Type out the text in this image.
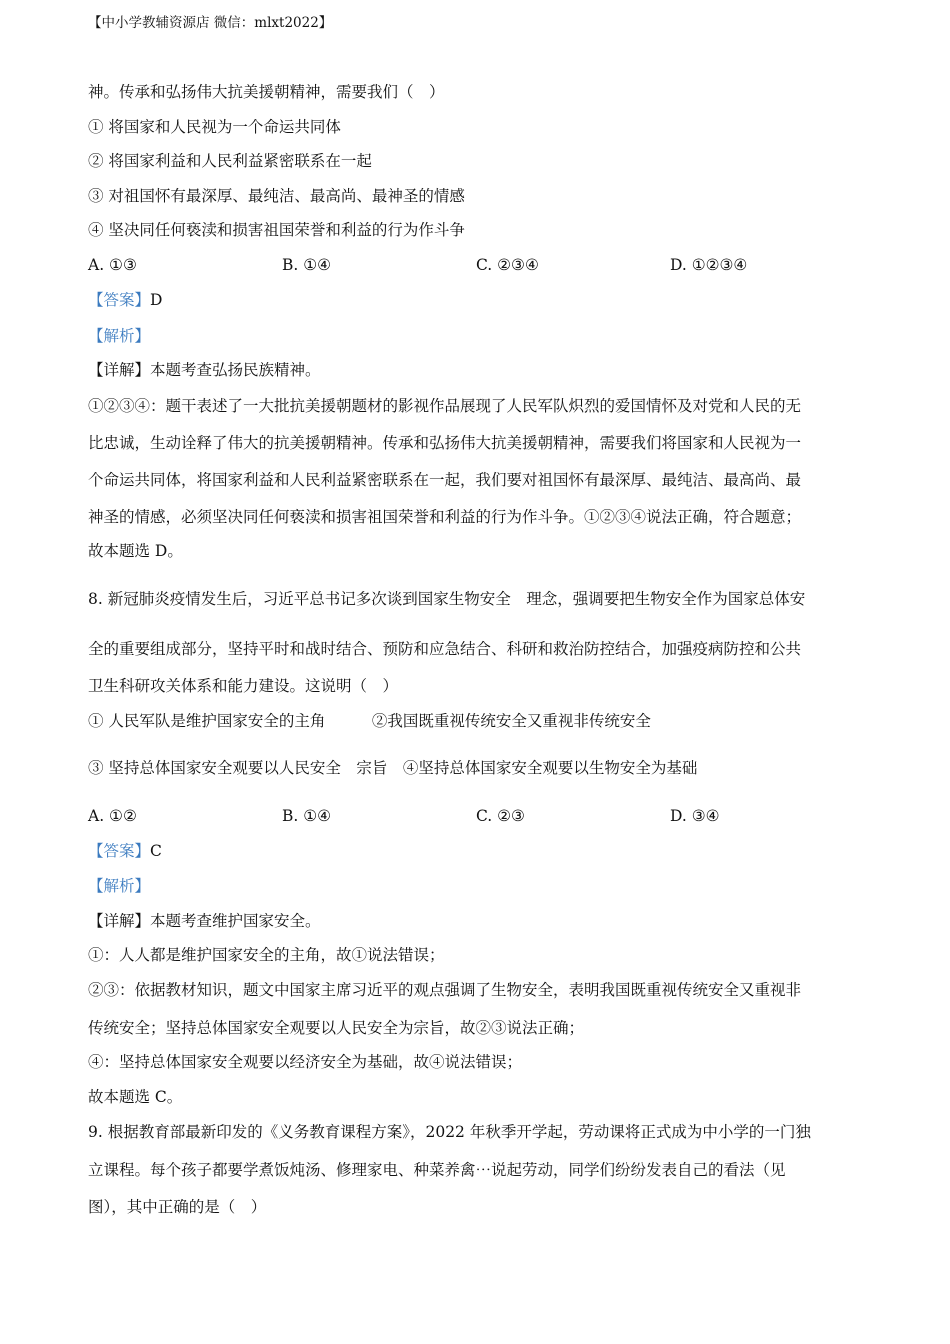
【中小学教辅资源店 微信：mlxt2022】
神。传承和弘扬伟大抗美援朝精神，需要我们（　）
① 将国家和人民视为一个命运共同体
② 将国家利益和人民利益紧密联系在一起
③ 对祖国怀有最深厚、最纯洁、最高尚、最神圣的情感
④ 坚决同任何亵渎和损害祖国荣誉和利益的行为作斗争
A. ①③	B. ①④	C. ②③④	D. ①②③④
【答案】D
【解析】
【详解】本题考查弘扬民族精神。
①②③④：题干表述了一大批抗美援朝题材的影视作品展现了人民军队炽烈的爱国情怀及对党和人民的无
比忠诚，生动诠释了伟大的抗美援朝精神。传承和弘扬伟大抗美援朝精神，需要我们将国家和人民视为一
个命运共同体，将国家利益和人民利益紧密联系在一起，我们要对祖国怀有最深厚、最纯洁、最高尚、最
神圣的情感，必须坚决同任何亵渎和损害祖国荣誉和利益的行为作斗争。①②③④说法正确，符合题意；
故本题选 D。
8. 新冠肺炎疫情发生后，习近平总书记多次谈到国家生物安全　理念，强调要把生物安全作为国家总体安
全的重要组成部分，坚持平时和战时结合、预防和应急结合、科研和救治防控结合，加强疫病防控和公共
卫生科研攻关体系和能力建设。这说明（　）
① 人民军队是维护国家安全的主角　　　②我国既重视传统安全又重视非传统安全
③ 坚持总体国家安全观要以人民安全　宗旨　④坚持总体国家安全观要以生物安全为基础
A. ①②	B. ①④	C. ②③	D. ③④
【答案】C
【解析】
【详解】本题考查维护国家安全。
①：人人都是维护国家安全的主角，故①说法错误；
②③：依据教材知识，题文中国家主席习近平的观点强调了生物安全，表明我国既重视传统安全又重视非
传统安全；坚持总体国家安全观要以人民安全为宗旨，故②③说法正确；
④：坚持总体国家安全观要以经济安全为基础，故④说法错误；
故本题选 C。
9. 根据教育部最新印发的《义务教育课程方案》，2022 年秋季开学起，劳动课将正式成为中小学的一门独
立课程。每个孩子都要学煮饭炖汤、修理家电、种菜养禽⋯说起劳动，同学们纷纷发表自己的看法（见
图），其中正确的是（　）
